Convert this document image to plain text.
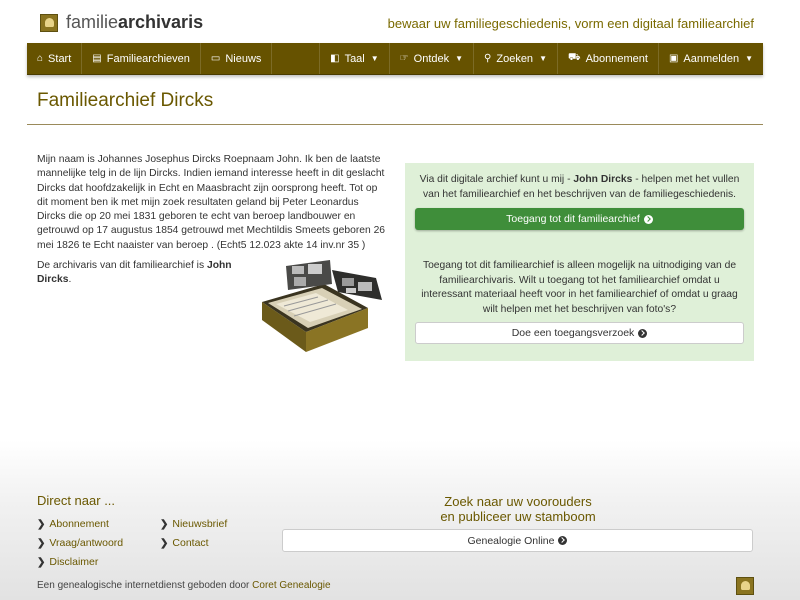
familiearchivaris	bewaar uw familiegeschiedenis, vorm een digitaal familiearchief
⌂ Start ▤ Familiearchieven ▭ Nieuws	◧ Taal ▼ ☞ Ontdek ▼ ⚲ Zoeken ▼ ⛟ Abonnement ▣ Aanmelden ▼
Familiearchief Dircks

Mijn naam is Johannes Josephus Dircks Roepnaam John. Ik ben de laatste mannelijke telg in de lijn Dircks. Indien iemand interesse heeft in dit geslacht Dircks dat hoofdzakelijk in Echt en Maasbracht zijn oorsprong heeft. Tot op dit moment ben ik met mijn zoek resultaten geland bij Peter Leonardus Dircks die op 20 mei 1831 geboren te echt van beroep landbouwer en getrouwd op 17 augustus 1854 getrouwd met Mechtildis Smeets geboren 26 mei 1826 te Echt naaister van beroep . (Echt5 12.023 akte 14 inv.nr 35 )

De archivaris van dit familiearchief is John Dircks.

Via dit digitale archief kunt u mij - John Dircks - helpen met het vullen van het familiearchief en het beschrijven van de familiegeschiedenis.

Toegang tot dit familiearchief

Toegang tot dit familiearchief is alleen mogelijk na uitnodiging van de familiearchivaris. Wilt u toegang tot het familiearchief omdat u interessant materiaal heeft voor in het familiearchief of omdat u graag wilt helpen met het beschrijven van foto's?

Doe een toegangsverzoek
Direct naar ...
❯ Abonnement	❯ Nieuwsbrief
❯ Vraag/antwoord	❯ Contact
❯ Disclaimer
Zoek naar uw voorouders
en publiceer uw stamboom
Genealogie Online
Een genealogische internetdienst geboden door Coret Genealogie
